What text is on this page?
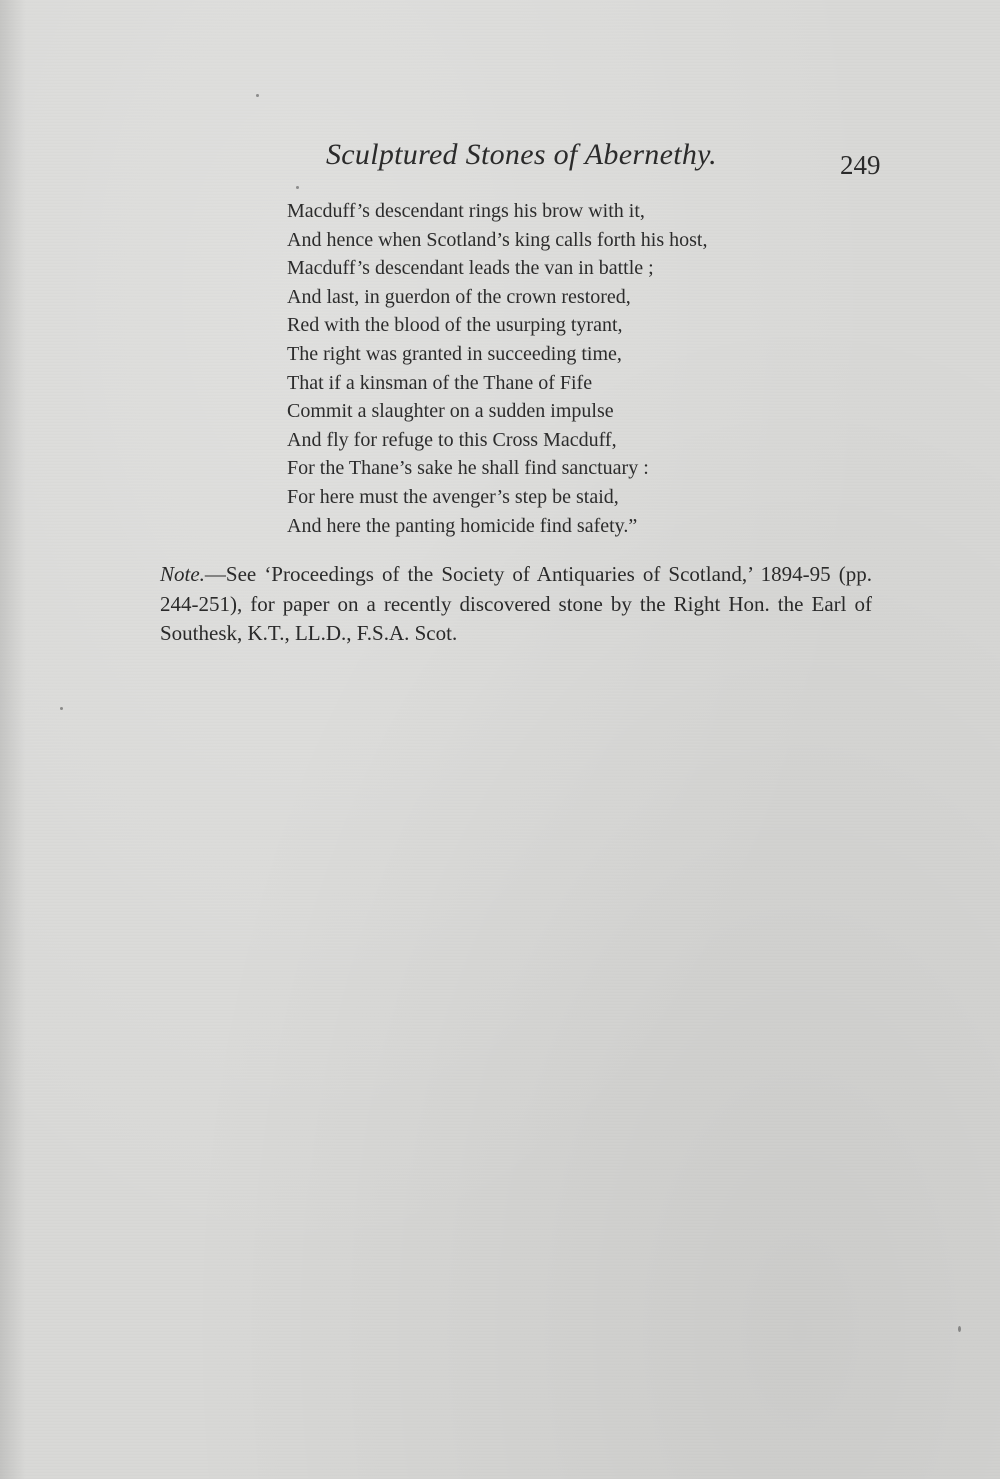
Sculptured Stones of Abernethy.	249
Macduff’s descendant rings his brow with it,
And hence when Scotland’s king calls forth his host,
Macduff’s descendant leads the van in battle ;
And last, in guerdon of the crown restored,
Red with the blood of the usurping tyrant,
The right was granted in succeeding time,
That if a kinsman of the Thane of Fife
Commit a slaughter on a sudden impulse
And fly for refuge to this Cross Macduff,
For the Thane’s sake he shall find sanctuary :
For here must the avenger’s step be staid,
And here the panting homicide find safety.”

Note.—See ‘Proceedings of the Society of Antiquaries of Scotland,’ 1894-95 (pp. 244-251), for paper on a recently discovered stone by the Right Hon. the Earl of Southesk, K.T., LL.D., F.S.A. Scot.
